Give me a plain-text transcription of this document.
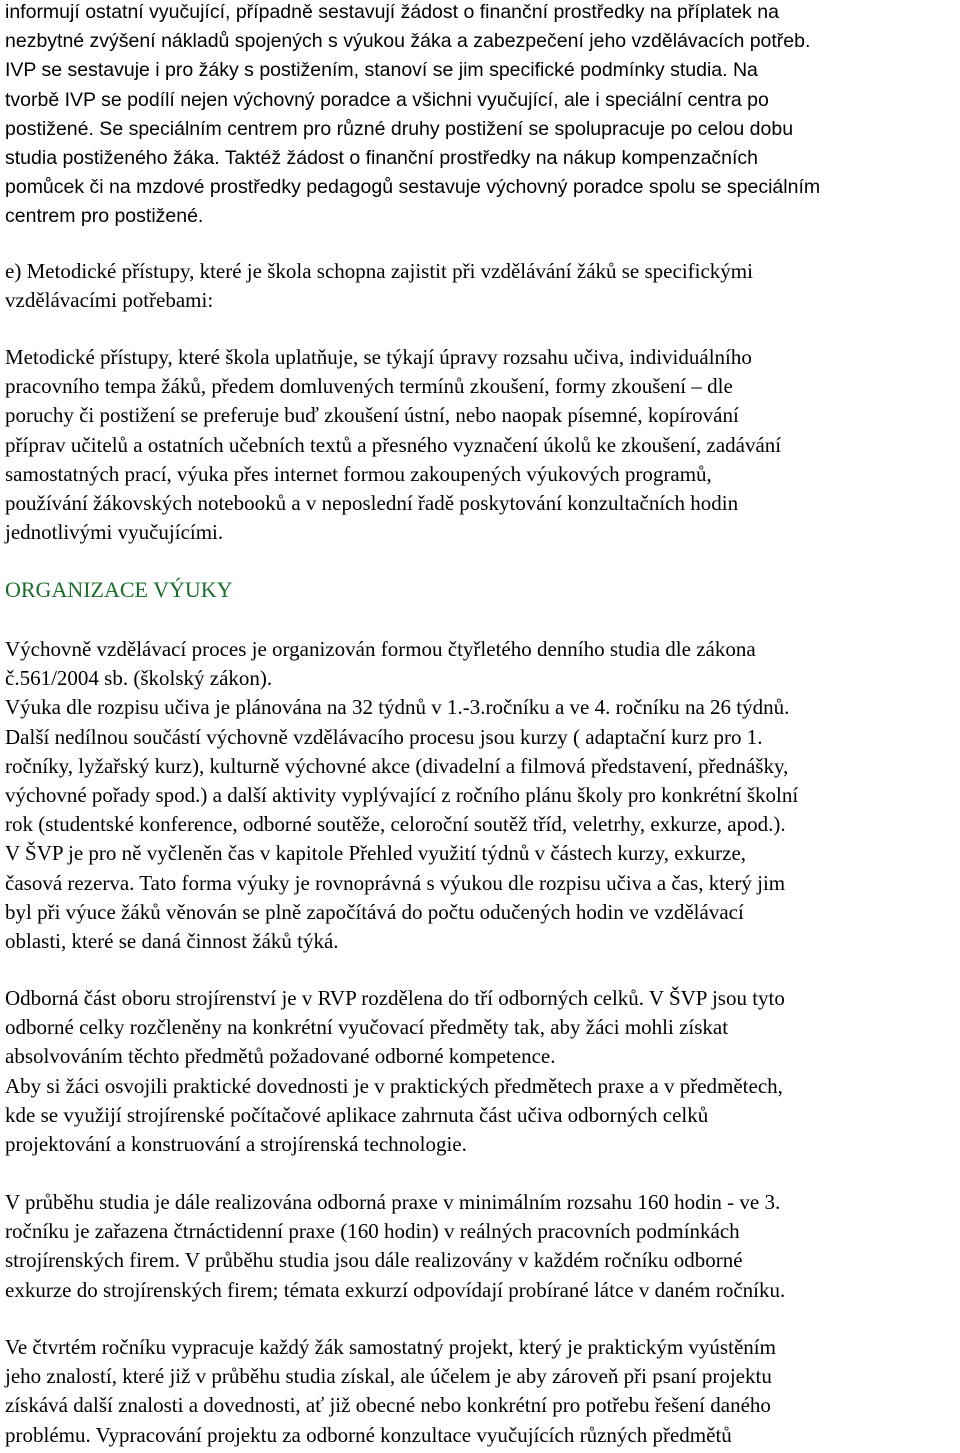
informují ostatní vyučující, případně sestavují žádost o finanční prostředky na příplatek na
nezbytné zvýšení nákladů spojených s výukou žáka a zabezpečení jeho vzdělávacích potřeb.
IVP se sestavuje i pro žáky s postižením, stanoví se jim specifické podmínky studia. Na
tvorbě IVP se podílí nejen výchovný poradce a všichni vyučující, ale i speciální centra po
postižené. Se speciálním centrem pro různé druhy postižení se spolupracuje po celou dobu
studia postiženého žáka. Taktéž žádost o finanční prostředky na nákup kompenzačních
pomůcek či na mzdové prostředky pedagogů sestavuje výchovný poradce spolu se speciálním
centrem pro postižené.
e) Metodické přístupy, které je škola schopna zajistit při vzdělávání žáků se specifickými
vzdělávacími potřebami:
Metodické přístupy, které škola uplatňuje, se týkají úpravy rozsahu učiva, individuálního
pracovního tempa žáků, předem domluvených termínů zkoušení, formy zkoušení – dle
poruchy či postižení se preferuje buď zkoušení ústní, nebo naopak písemné, kopírování
příprav učitelů a ostatních učebních textů a přesného vyznačení úkolů ke zkoušení, zadávání
samostatných prací, výuka přes internet formou zakoupených výukových programů,
používání žákovských notebooků a v neposlední řadě poskytování konzultačních hodin
jednotlivými vyučujícími.
ORGANIZACE VÝUKY
Výchovně vzdělávací proces je organizován formou čtyřletého denního studia dle zákona
č.561/2004 sb. (školský zákon).
Výuka dle rozpisu učiva je plánována na 32 týdnů v 1.-3.ročníku a ve 4. ročníku na 26 týdnů.
Další nedílnou součástí výchovně vzdělávacího procesu jsou kurzy ( adaptační kurz pro 1.
ročníky, lyžařský kurz), kulturně výchovné akce (divadelní a filmová představení, přednášky,
výchovné pořady spod.) a další aktivity vyplývající z ročního plánu školy pro konkrétní školní
rok (studentské konference, odborné soutěže, celoroční soutěž tříd, veletrhy, exkurze, apod.).
V ŠVP je pro ně vyčleněn čas v kapitole Přehled využití týdnů v částech kurzy, exkurze,
časová rezerva. Tato forma výuky je rovnoprávná s výukou dle rozpisu učiva a čas, který jim
byl při výuce žáků věnován se plně započítává do počtu odučených hodin ve vzdělávací
oblasti, které se daná činnost žáků týká.
Odborná část oboru strojírenství je v RVP rozdělena do tří odborných celků. V ŠVP jsou tyto
odborné celky rozčleněny na konkrétní vyučovací předměty tak, aby žáci mohli získat
absolvováním těchto předmětů požadované odborné kompetence.
Aby si žáci osvojili praktické dovednosti je v praktických předmětech praxe a v předmětech,
kde se využijí strojírenské počítačové aplikace zahrnuta část učiva odborných celků
projektování a konstruování a strojírenská technologie.
V průběhu studia je dále realizována odborná praxe v minimálním rozsahu 160 hodin - ve 3.
ročníku je zařazena čtrnáctidenní praxe (160 hodin) v reálných pracovních podmínkách
strojírenských firem. V průběhu studia jsou dále realizovány v každém ročníku odborné
exkurze do strojírenských firem; témata exkurzí odpovídají probírané látce v daném ročníku.
Ve čtvrtém ročníku vypracuje každý žák samostatný projekt, který je praktickým vyústěním
jeho znalostí, které již v průběhu studia získal, ale účelem je aby zároveň při psaní projektu
získává další znalosti a dovednosti, ať již obecné nebo konkrétní pro potřebu řešení daného
problému. Vypracování projektu za odborné konzultace vyučujících různých předmětů
